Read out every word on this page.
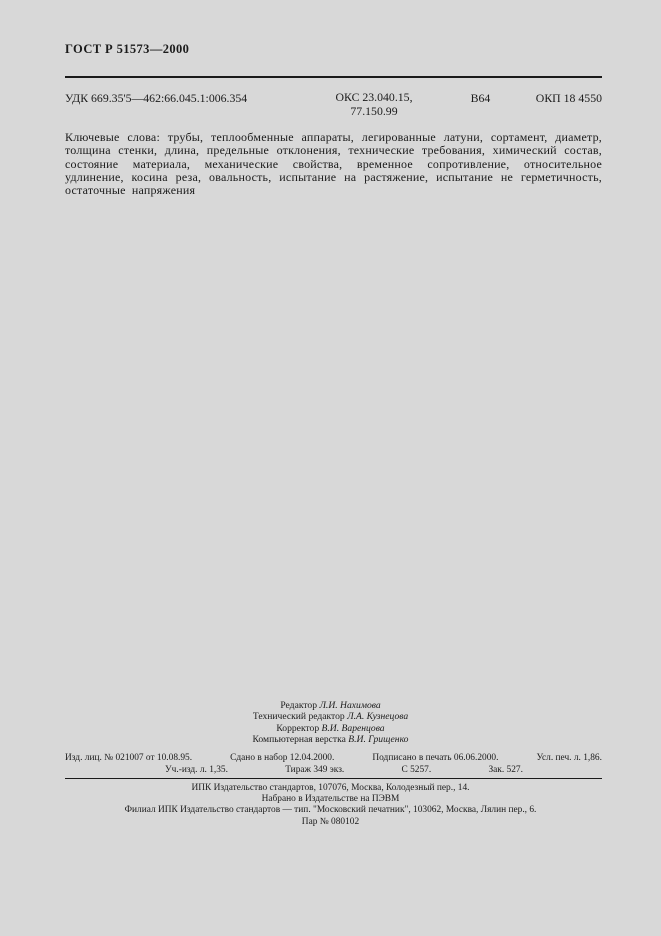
ГОСТ Р 51573—2000
УДК 669.35'5—462:66.045.1:006.354	ОКС 23.040.15,
77.150.99
В64	ОКП 18 4550
Ключевые слова: трубы, теплообменные аппараты, легированные латуни, сортамент, диаметр, толщина стенки, длина, предельные отклонения, технические требования, химический состав, состояние материала, механические свойства, временное сопротивление, относительное удлинение, косина реза, овальность, испытание на растяжение, испытание не герметичность, остаточные напряжения
Редактор Л.И. Нахимова
Технический редактор Л.А. Кузнецова
Корректор В.И. Варенцова
Компьютерная верстка В.И. Грищенко
Изд. лиц. № 021007 от 10.08.95.	Сдано в набор 12.04.2000.	Подписано в печать 06.06.2000.	Усл. печ. л. 1,86.
Уч.-изд. л. 1,35.	Тираж 349 экз.	С 5257.	Зак. 527.
ИПК Издательство стандартов, 107076, Москва, Колодезный пер., 14.
Набрано в Издательстве на ПЭВМ
Филиал ИПК Издательство стандартов — тип. "Московский печатник", 103062, Москва, Лялин пер., 6.
Пар № 080102
